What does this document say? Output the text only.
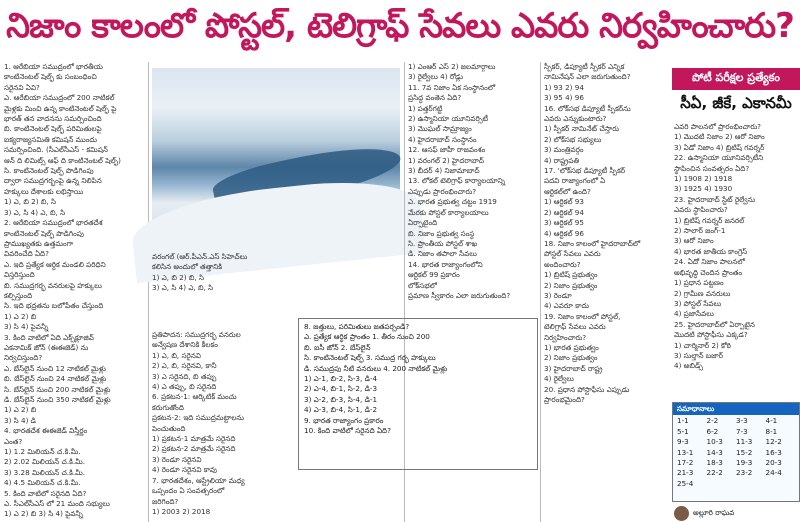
నిజాం కాలంలో పోస్టల్‌, టెలిగ్రాఫ్‌ సేవలు ఎవరు నిర్వహించారు?

1. ఆరేబియా సముద్రంలో భారతీయ

కాంటినెంటల్‌ షెల్ఫ్‌ కు సంబంధించి

సరైనవి ఏవి?

ఎ. ఆరేబియా సముద్రంలో 200 నాటికల్‌

మైళ్లకు మించి ఉన్న కాంటినెంటల్‌ షెల్ఫ్‌ పై

భారత్‌ తన వాదనను సమర్పించింది

బి. కాంటినెంటల్‌ షెల్ఫ్‌ పరిమితులపై

ఐక్యరాజ్యసమితి కమిషన్‌ ముందు

సమర్పించింది. (సీఎల్‌సీఎస్‌ - కమిషన్‌

ఆన్‌ ది లిమిట్స్‌ ఆఫ్‌ ది కాంటినెంటల్‌ షెల్ఫ్‌)

సి. కాంటినెంటల్‌ షెల్ఫ్‌ పొడిగింపు

ద్వారా సముద్రగర్భంపై ఉన్న నిలిపిన

హక్కులు దేశాలకు లభిస్తాయి

1) ఎ, బి 2) బి, సి

3) ఎ, సి 4) ఎ, బి, సి

2. ఆరేబియా సముద్రంలో భారతదేశ

కాంటినెంటల్‌ షెల్ఫ్‌ పొడిగింపు

ప్రాముఖ్యతకు ఉత్తమంగా

వివరించేది ఏది?

ఎ. ఇది ప్రత్యేక ఆర్థిక మండలి పరిధిని

విస్తరిస్తుంది

బి. సముద్రగర్భ వనరులపై హక్కులు

కల్పిస్తుంది

సి. ఇది భద్రతను బలోపేతం చేస్తుంది

1) ఎ 2) బి

3) సి 4) పైవన్నీ

3. కింది వాటిలో ఏది ఎక్స్‌క్లూజివ్‌

ఎకనామిక్‌ జోన్‌ (ఈఈజెడ్‌) ను

నిర్వచిస్తుంది?

ఎ. బేస్‌లైన్‌ నుంచి 12 నాటికల్‌ మైళ్లు

బి. బేస్‌లైన్‌ నుంచి 24 నాటికల్‌ మైళ్లు

సి. బేస్‌లైన్‌ నుంచి 200 నాటికల్‌ మైళ్లు

డి. బేస్‌లైన్‌ నుంచి 350 నాటికల్‌ మైళ్లు

1) ఎ 2) బి

3) సి 4) డి

4. భారతదేశ ఈఈజెడ్‌ విస్తీర్ణం

ఎంత?

1) 1.2 మిలియన్‌ చ.కి.మీ.

2) 2.02 మిలియన్‌ చ.కి.మీ.

3) 3.28 మిలియన్‌ చ.కి.మీ.

4) 4.5 మిలియన్‌ చ.కి.మీ.

5. కింది వాటిలో సరైనది ఏది?

ఎ. సీఎల్‌సీఎస్‌ లో 21 మంది సభ్యులు

1) ఎ 2) బి 3) సి 4) పైవన్నీ

వరంగల్‌ (ఆర్‌.పీఎన్‌.ఎస్‌ సిహెచ్‌లు

కలిసిన అందులో తత్తానికి

1) ఎ, బి 2) బి, సి

3) ఎ, సి 4) ఎ, బి, సి

ప్రతిపాదన: సముద్రగర్భ వనరుల

అన్వేషణ దేశానికి కీలకం

1) ఎ, బి, సరైనవి

2) ఎ, బి, సరైనవి, కానీ

3) ఎ సరైనది, బి తప్పు

4) ఎ తప్పు, బి సరైనది

6. ప్రకటన-1: ఆర్కిటిక్‌ మంచు

కరుగుతోంది

ప్రకటన-2: ఇది సముద్రమట్టాలను

పెంచుతుంది

1) ప్రకటన-1 మాత్రమే సరైనది

2) ప్రకటన-2 మాత్రమే సరైనది

3) రెండూ సరైనవి

4) రెండూ సరైనవి కావు

7. భారతదేశం, ఆస్ట్రేలియా మధ్య

ఒప్పందం ఏ సంవత్సరంలో

జరిగింది?

1) 2003 2) 2018

1) ఎంఆర్‌ ఎస్‌ 2) జలమార్గాలు

3) రైల్వేలు 4) రోడ్లు

11. 7వ నిజాం ఏక సంస్థానంలో

ప్రసిద్ధ వంతెన ఏది?

1) పత్తర్‌గట్టి

2) ఉస్మానియా యూనివర్సిటీ

3) మొఘల్‌ సామ్రాజ్యం

4) హైదరాబాద్‌ సంస్థానం

12. ఆసఫ్‌ జాహీ రాజవంశం

1) వరంగల్‌ 2) హైదరాబాద్‌

3) బీదర్‌ 4) నిజామాబాద్‌

13. లోకల్‌ టెలిగ్రాఫ్‌ కార్యాలయాన్ని

ఎప్పుడు ప్రారంభించారు?

ఎ. భారత ప్రభుత్వ చట్టం 1919

మేరకు పోస్టల్‌ కార్యాలయాలు

ఏర్పాటైంది

బి. నిజాం ప్రభుత్వ సంస్థ

సి. ప్రాంతీయ పోస్టల్‌ శాఖ

డి. నిజాం తపాలా సేవలు

14. భారత రాజ్యాంగంలోని

ఆర్టికల్‌ 99 ప్రకారం

లోక్‌సభలో

ప్రమాణ స్వీకారం ఎలా జరుగుతుంది?

8. జత్తులు, పరిమితులు జతపర్చండి?

ఎ. ప్రత్యేక ఆర్థిక ప్రాంతం 1. తీరం నుంచి 200

బి. ఐసీ జోన్‌ 2. బేస్‌లైన్‌

సి. కాంటినెంటల్‌ షెల్ఫ్‌ 3. సముద్ర గర్భ హక్కులు

డి. సముద్రపు నీటి వనరులు 4. 200 నాటికల్‌ మైళ్లు

1) ఎ-1, బి-2, సి-3, డి-4

2) ఎ-4, బి-1, సి-2, డి-3

3) ఎ-2, బి-3, సి-4, డి-1

4) ఎ-3, బి-4, సి-1, డి-2

9. భారత రాజ్యాంగం ప్రకారం

10. కింది వాటిలో సరైనది ఏది?

స్పీకర్‌, డిప్యూటీ స్పీకర్‌ ఎన్నిక

నామినేషన్‌ ఎలా జరుగుతుంది?

1) 93 2) 94

3) 95 4) 96

16. లోక్‌సభ డిప్యూటీ స్పీకర్‌ను

ఎవరు ఎన్నుకుంటారు?

1) స్పీకర్‌ నామినేట్‌ చేస్తారు

2) లోక్‌సభ సభ్యులు

3) మంత్రివర్గం

4) రాష్ట్రపతి

17. 'లోక్‌సభ డిప్యూటీ స్పీకర్‌

పదవి రాజ్యాంగంలో ఏ

ఆర్టికల్‌లో ఉంది?

1) ఆర్టికల్‌ 93

2) ఆర్టికల్‌ 94

3) ఆర్టికల్‌ 95

4) ఆర్టికల్‌ 96

18. నిజాం కాలంలో హైదరాబాద్‌లో

పోస్టల్‌ సేవలు ఎవరు

అందించారు?

1) బ్రిటిష్‌ ప్రభుత్వం

2) నిజాం ప్రభుత్వం

3) రెండూ

4) ఎవరూ కాదు

19. నిజాం కాలంలో పోస్టల్‌,

టెలిగ్రాఫ్‌ సేవలు ఎవరు

నిర్వహించారు?

1) భారత ప్రభుత్వం

2) నిజాం ప్రభుత్వం

3) హైదరాబాద్‌ రాష్ట్ర

4) రైల్వేలు

20. ప్రధాన పోస్టాఫీసు ఎప్పుడు

ప్రారంభమైంది?

పోటీ పరీక్షల ప్రత్యేకం
సీఏ, జీకే, ఎకానమీ

ఎవరి పాలనలో ప్రారంభించారు?

1) మొదటి నిజాం 2) ఆరో నిజాం

3) ఏడో నిజాం 4) బ్రిటిష్‌ గవర్నర్‌

22. ఉస్మానియా యూనివర్సిటీని

స్థాపించిన సంవత్సరం ఏది?

1) 1908 2) 1918

3) 1925 4) 1930

23. హైదరాబాద్‌ స్టేట్‌ రైల్వేను

ఎవరు స్థాపించారు?

1) బ్రిటిష్‌ గవర్నర్‌ జనరల్‌

2) సాలార్‌ జంగ్‌-1

3) ఆరో నిజాం

4) భారత జాతీయ కాంగ్రెస్‌

24. ఏదో నిజాం పాలనలో

అభివృద్ధి చెందిన ప్రాంతం

1) ప్రధాన పట్టణం

2) గ్రామీణ వనరులు

3) పోస్టల్‌ సేవలు

4) ప్రజాసేవలు

25. హైదరాబాద్‌లో ఏర్పాటైన

మొదటి పోస్టాఫీసు ఎక్కడ?

1) చార్మినార్‌ 2) కోఠి

3) సుల్తాన్‌ బజార్‌

4) అబిడ్స్‌

సమాధానాలు
1-1	2-2	3-3	4-1
5-1	6-2	7-3	8-1
9-3	10-3	11-3	12-2
13-1	14-3	15-2	16-3
17-2	18-3	19-3	20-3
21-3	22-2	23-2	24-4
25-4
అల్లూరి రాఘవ
